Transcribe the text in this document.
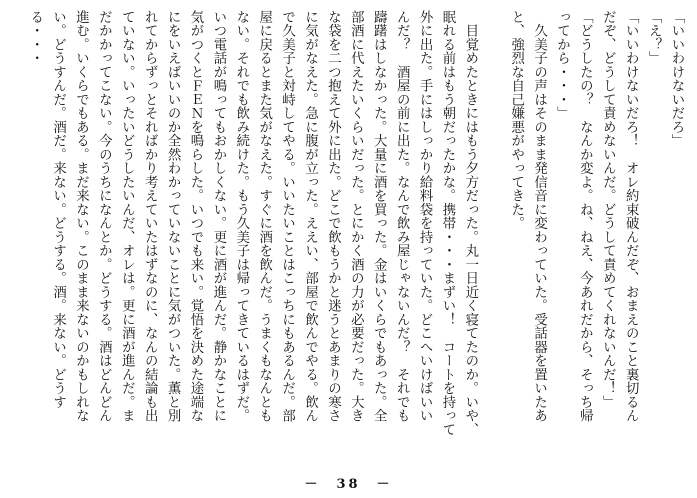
「いいわけないだろ」
「え？」
「いいわけないだろ！　オレ約束破んだぞ、おまえのこと裏切るん
だぞ、どうして責めないんだ。どうして責めてくれないんだ！」
「どうしたの？　なんか変よ。ね、ねえ、今あれだから、そっち帰
ってから・・・」
　久美子の声はそのまま発信音に変わっていた。受話器を置いたあ
と、強烈な自己嫌悪がやってきた。
　目覚めたときにはもう夕方だった。丸一日近く寝てたのか。いや、
眠れる前はもう朝だったかな。携帯・・・まずい！　コートを持って
外に出た。手にはしっかり給料袋を持っていた。どこへいけばいい
んだ？　酒屋の前に出た。なんで飲み屋じゃないんだ？　それでも
躊躇はしなかった。大量に酒を買った。金はいくらでもあった。全
部酒に代えたいくらいだった。とにかく酒の力が必要だった。大き
な袋を二つ抱えて外に出た。どこで飲もうかと迷うとあまりの寒さ
に気がなえた。急に腹が立った。ええい、部屋で飲んでやる。飲ん
で久美子と対峙してやる。いいたいことはこっちにもあるんだ。部
屋に戻るとまた気がなえた。すぐに酒を飲んだ。うまくもなんとも
ない。それでも飲み続けた。もう久美子は帰ってきているはずだ。
いつ電話が鳴ってもおかしくない。更に酒が進んだ。静かなことに
気がつくとＦＥＮを鳴らした。いつでも来い。覚悟を決めた途端な
にをいえばいいのか全然わかっていないことに気がついた。薫と別
れてからずっとそればかり考えていたはずなのに、なんの結論も出
ていない。いったいどうしたいんだ、オレは。更に酒が進んだ。ま
だかかってこない。今のうちになんとか。どうする。酒はどんどん
進む。いくらでもある。まだ来ない。このまま来ないのかもしれな
い。どうすんだ。酒だ。来ない。どうする。酒。来ない。どうす
る・・・
－　38　－
